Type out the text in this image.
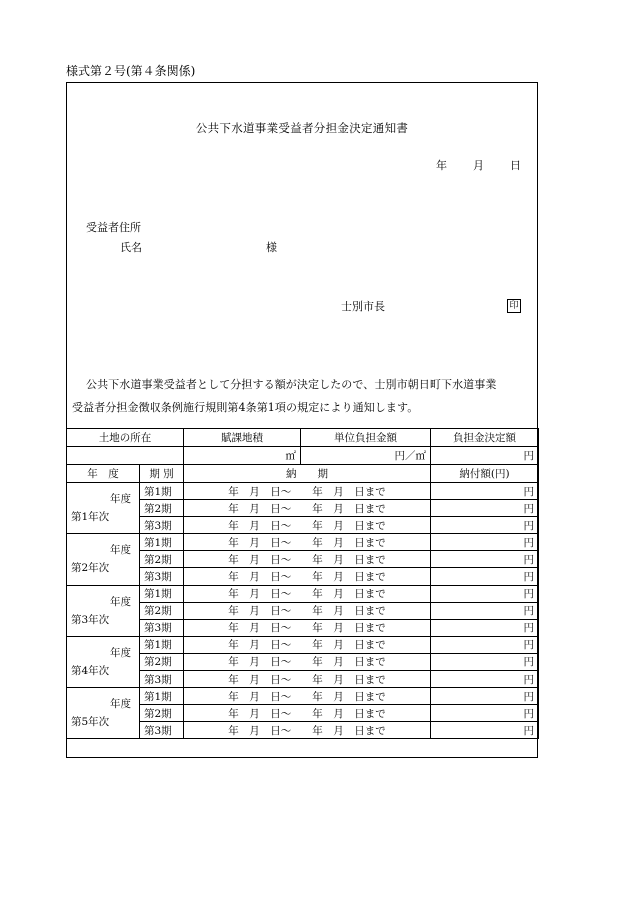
様式第２号(第４条関係)
公共下水道事業受益者分担金決定通知書
年 月 日
受益者住所
氏名	様
士別市長	印
公共下水道事業受益者として分担する額が決定したので、士別市朝日町下水道事業
受益者分担金徴収条例施行規則第4条第1項の規定により通知します。
土地の所在		賦課地積	単位負担金額	負担金決定額
		㎡	円／㎡	円
年　度	期 別	納　　期		納付額(円)

年度
第1年次	第1期	年　月　日～　　年　月　日まで		円
	第2期	年　月　日～　　年　月　日まで		円
	第3期	年　月　日～　　年　月　日まで		円

年度
第2年次	第1期	年　月　日～　　年　月　日まで		円
	第2期	年　月　日～　　年　月　日まで		円
	第3期	年　月　日～　　年　月　日まで		円

年度
第3年次	第1期	年　月　日～　　年　月　日まで		円
	第2期	年　月　日～　　年　月　日まで		円
	第3期	年　月　日～　　年　月　日まで		円

年度
第4年次	第1期	年　月　日～　　年　月　日まで		円
	第2期	年　月　日～　　年　月　日まで		円
	第3期	年　月　日～　　年　月　日まで		円

年度
第5年次	第1期	年　月　日～　　年　月　日まで		円
	第2期	年　月　日～　　年　月　日まで		円
	第3期	年　月　日～　　年　月　日まで		円
